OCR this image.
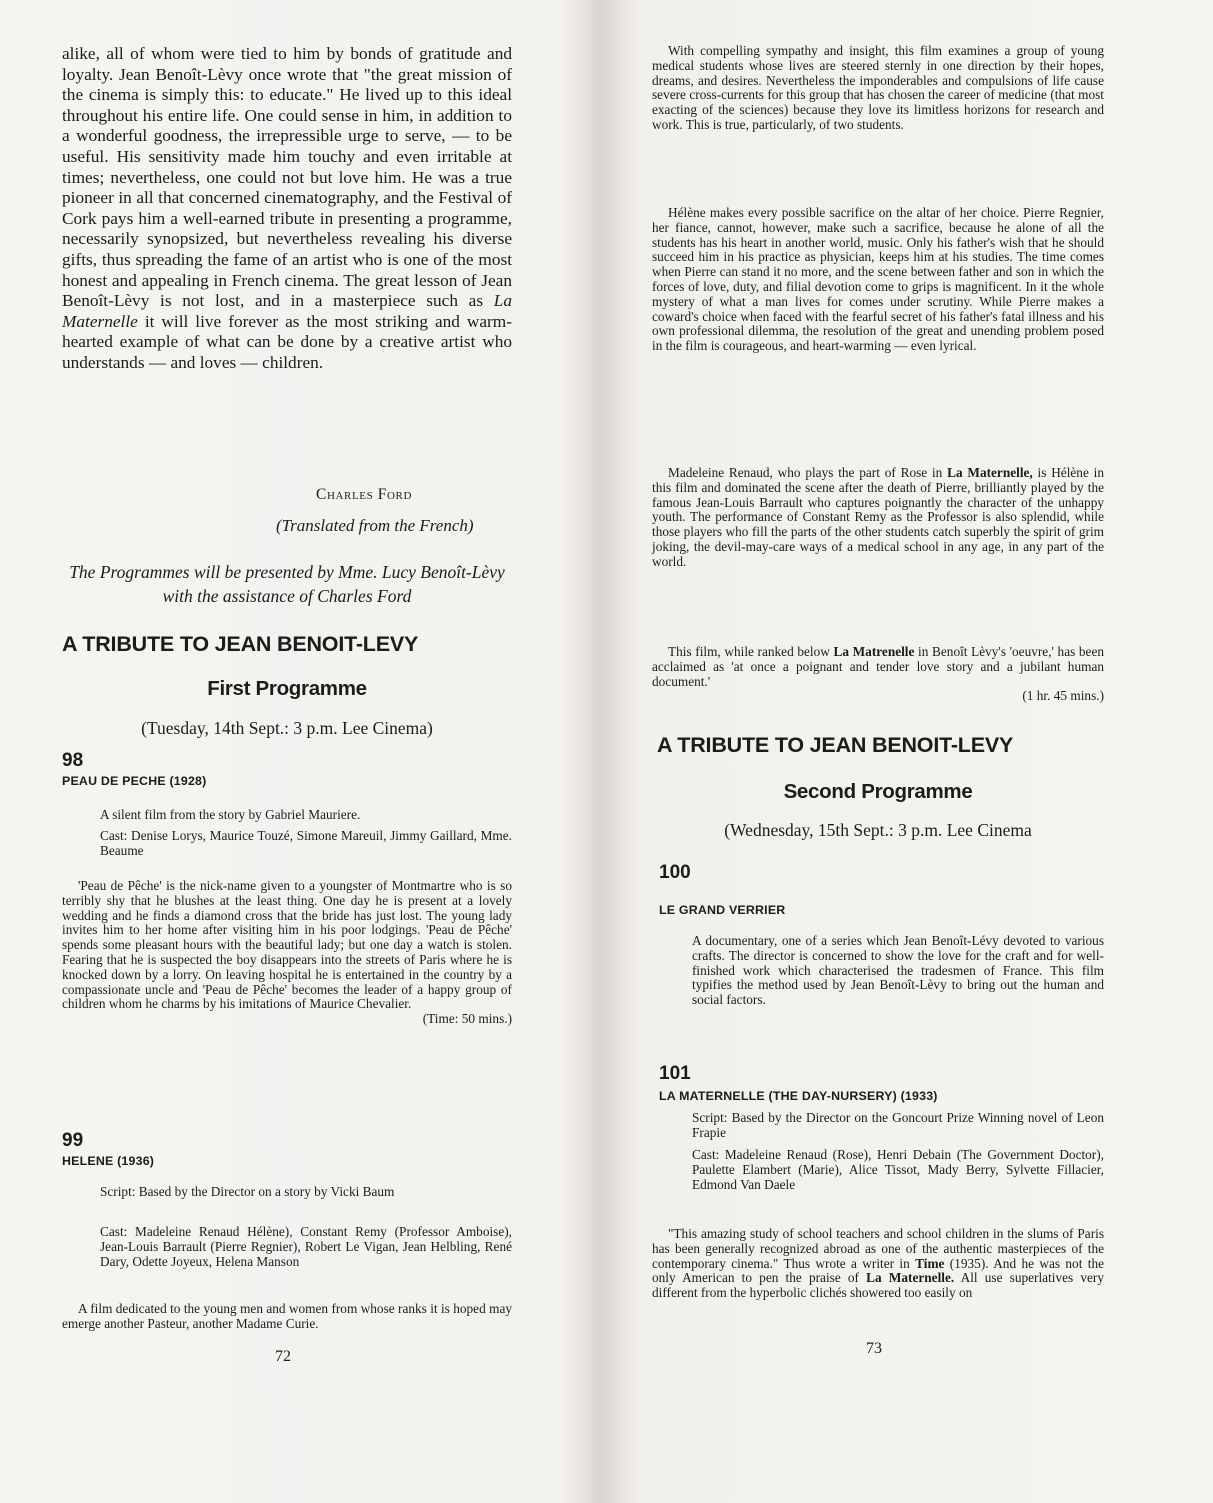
alike, all of whom were tied to him by bonds of gratitude and loyalty. Jean Benoît-Lèvy once wrote that "the great mission of the cinema is simply this: to educate." He lived up to this ideal throughout his entire life. One could sense in him, in addition to a wonderful goodness, the irrepressible urge to serve, — to be useful. His sensitivity made him touchy and even irritable at times; nevertheless, one could not but love him. He was a true pioneer in all that concerned cinematography, and the Festival of Cork pays him a well-earned tribute in presenting a programme, necessarily synopsized, but nevertheless revealing his diverse gifts, thus spreading the fame of an artist who is one of the most honest and appealing in French cinema. The great lesson of Jean Benoît-Lèvy is not lost, and in a masterpiece such as La Maternelle it will live forever as the most striking and warm-hearted example of what can be done by a creative artist who understands — and loves — children.

Charles Ford

(Translated from the French)

The Programmes will be presented by Mme. Lucy Benoît-Lèvy with the assistance of Charles Ford

A TRIBUTE TO JEAN BENOIT-LEVY
First Programme

(Tuesday, 14th Sept.: 3 p.m. Lee Cinema)

98

PEAU DE PECHE (1928)

A silent film from the story by Gabriel Mauriere.

Cast: Denise Lorys, Maurice Touzé, Simone Mareuil, Jimmy Gaillard, Mme. Beaume

'Peau de Pêche' is the nick-name given to a youngster of Montmartre who is so terribly shy that he blushes at the least thing. One day he is present at a lovely wedding and he finds a diamond cross that the bride has just lost. The young lady invites him to her home after visiting him in his poor lodgings. 'Peau de Pêche' spends some pleasant hours with the beautiful lady; but one day a watch is stolen. Fearing that he is suspected the boy disappears into the streets of Paris where he is knocked down by a lorry. On leaving hospital he is entertained in the country by a compassionate uncle and 'Peau de Pêche' becomes the leader of a happy group of children whom he charms by his imitations of Maurice Chevalier.
(Time: 50 mins.)

99

HELENE (1936)

Script: Based by the Director on a story by Vicki Baum

Cast: Madeleine Renaud Hélène), Constant Remy (Professor Amboise), Jean-Louis Barrault (Pierre Regnier), Robert Le Vigan, Jean Helbling, René Dary, Odette Joyeux, Helena Manson

A film dedicated to the young men and women from whose ranks it is hoped may emerge another Pasteur, another Madame Curie.

72

With compelling sympathy and insight, this film examines a group of young medical students whose lives are steered sternly in one direction by their hopes, dreams, and desires. Nevertheless the imponderables and compulsions of life cause severe cross-currents for this group that has chosen the career of medicine (that most exacting of the sciences) because they love its limitless horizons for research and work. This is true, particularly, of two students.

Hélène makes every possible sacrifice on the altar of her choice. Pierre Regnier, her fiance, cannot, however, make such a sacrifice, because he alone of all the students has his heart in another world, music. Only his father's wish that he should succeed him in his practice as physician, keeps him at his studies. The time comes when Pierre can stand it no more, and the scene between father and son in which the forces of love, duty, and filial devotion come to grips is magnificent. In it the whole mystery of what a man lives for comes under scrutiny. While Pierre makes a coward's choice when faced with the fearful secret of his father's fatal illness and his own professional dilemma, the resolution of the great and unending problem posed in the film is courageous, and heart-warming — even lyrical.

Madeleine Renaud, who plays the part of Rose in La Maternelle, is Hélène in this film and dominated the scene after the death of Pierre, brilliantly played by the famous Jean-Louis Barrault who captures poignantly the character of the unhappy youth. The performance of Constant Remy as the Professor is also splendid, while those players who fill the parts of the other students catch superbly the spirit of grim joking, the devil-may-care ways of a medical school in any age, in any part of the world.

This film, while ranked below La Matrenelle in Benoît Lèvy's 'oeuvre,' has been acclaimed as 'at once a poignant and tender love story and a jubilant human document.'
(1 hr. 45 mins.)

A TRIBUTE TO JEAN BENOIT-LEVY
Second Programme

(Wednesday, 15th Sept.: 3 p.m. Lee Cinema

100

LE GRAND VERRIER

A documentary, one of a series which Jean Benoît-Lévy devoted to various crafts. The director is concerned to show the love for the craft and for well-finished work which characterised the tradesmen of France. This film typifies the method used by Jean Benoît-Lèvy to bring out the human and social factors.

101

LA MATERNELLE (THE DAY-NURSERY) (1933)

Script: Based by the Director on the Goncourt Prize Winning novel of Leon Frapie

Cast: Madeleine Renaud (Rose), Henri Debain (The Government Doctor), Paulette Elambert (Marie), Alice Tissot, Mady Berry, Sylvette Fillacier, Edmond Van Daele

"This amazing study of school teachers and school children in the slums of Paris has been generally recognized abroad as one of the authentic masterpieces of the contemporary cinema." Thus wrote a writer in Time (1935). And he was not the only American to pen the praise of La Maternelle. All use superlatives very different from the hyperbolic clichés showered too easily on

73
